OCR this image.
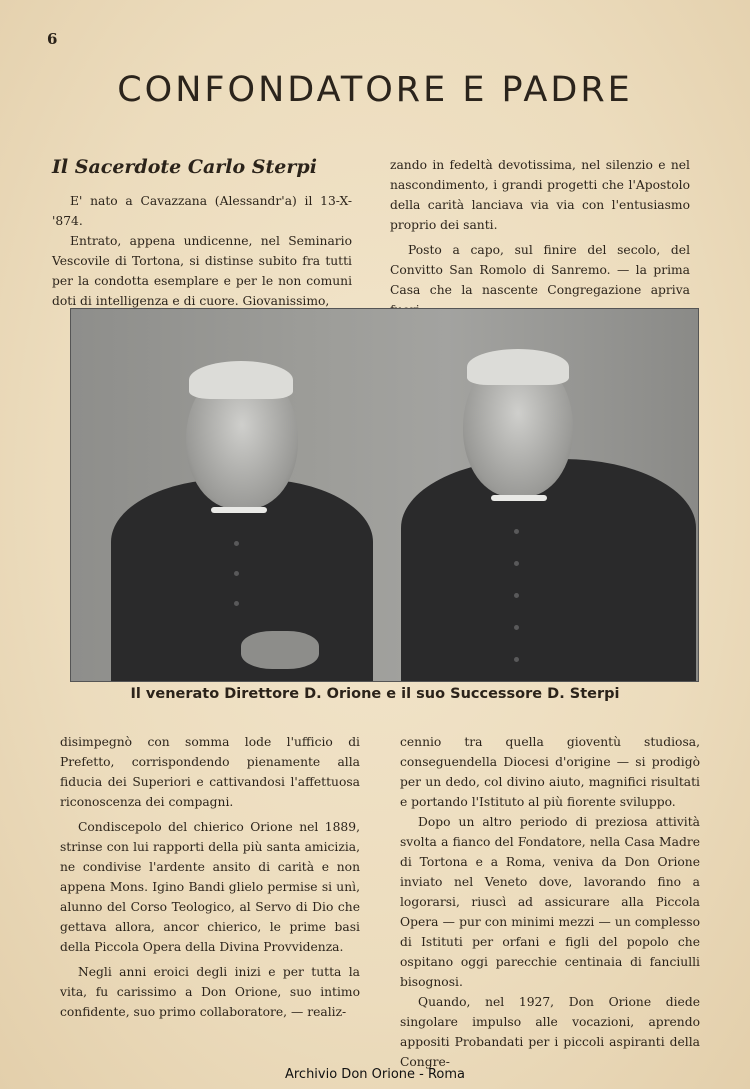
6
CONFONDATORE E PADRE
Il Sacerdote Carlo Sterpi

E' nato a Cavazzana (Alessandr'a) il 13-X-'874.

Entrato, appena undicenne, nel Seminario Vescovile di Tortona, si distinse subito fra tutti per la condotta esemplare e per le non comuni doti di intelligenza e di cuore. Giovanissimo,

zando in fedeltà devotissima, nel silenzio e nel nascondimento, i grandi progetti che l'Apostolo della carità lanciava via via con l'entusiasmo proprio dei santi.

Posto a capo, sul finire del secolo, del Convitto San Romolo di Sanremo. — la prima Casa che la nascente Congregazione apriva

Il venerato Direttore D. Orione e il suo Successore D. Sterpi

disimpegnò con somma lode l'ufficio di Prefetto, corrispondendo pienamente alla fiducia dei Superiori e cattivandosi l'affettuosa riconoscenza dei compagni.

Condiscepolo del chierico Orione nel 1889, strinse con lui rapporti della più santa amicizia, ne condivise l'ardente ansito di carità e non appena Mons. Igino Bandi glielo permise si unì, alunno del Corso Teologico, al Servo di Dio che gettava allora, ancor chierico, le prime basi della Piccola Opera della Divina Provvidenza.

Negli anni eroici degli inizi e per tutta la vita, fu carissimo a Don Orione, suo intimo confidente, suo primo collaboratore, — realiz-

cennio tra quella gioventù studiosa, conseguendella Diocesi d'origine — si prodigò per un dedo, col divino aiuto, magnifici risultati e portando l'Istituto al più fiorente sviluppo.

Dopo un altro periodo di preziosa attività svolta a fianco del Fondatore, nella Casa Madre di Tortona e a Roma, veniva da Don Orione inviato nel Veneto dove, lavorando fino a logorarsi, riuscì ad assicurare alla Piccola Opera — pur con minimi mezzi — un complesso di Istituti per orfani e figli del popolo che ospitano oggi parecchie centinaia di fanciulli bisognosi.

Quando, nel 1927, Don Orione diede singolare impulso alle vocazioni, aprendo appositi Probandati per i piccoli aspiranti della Congre-

Archivio Don Orione - Roma
